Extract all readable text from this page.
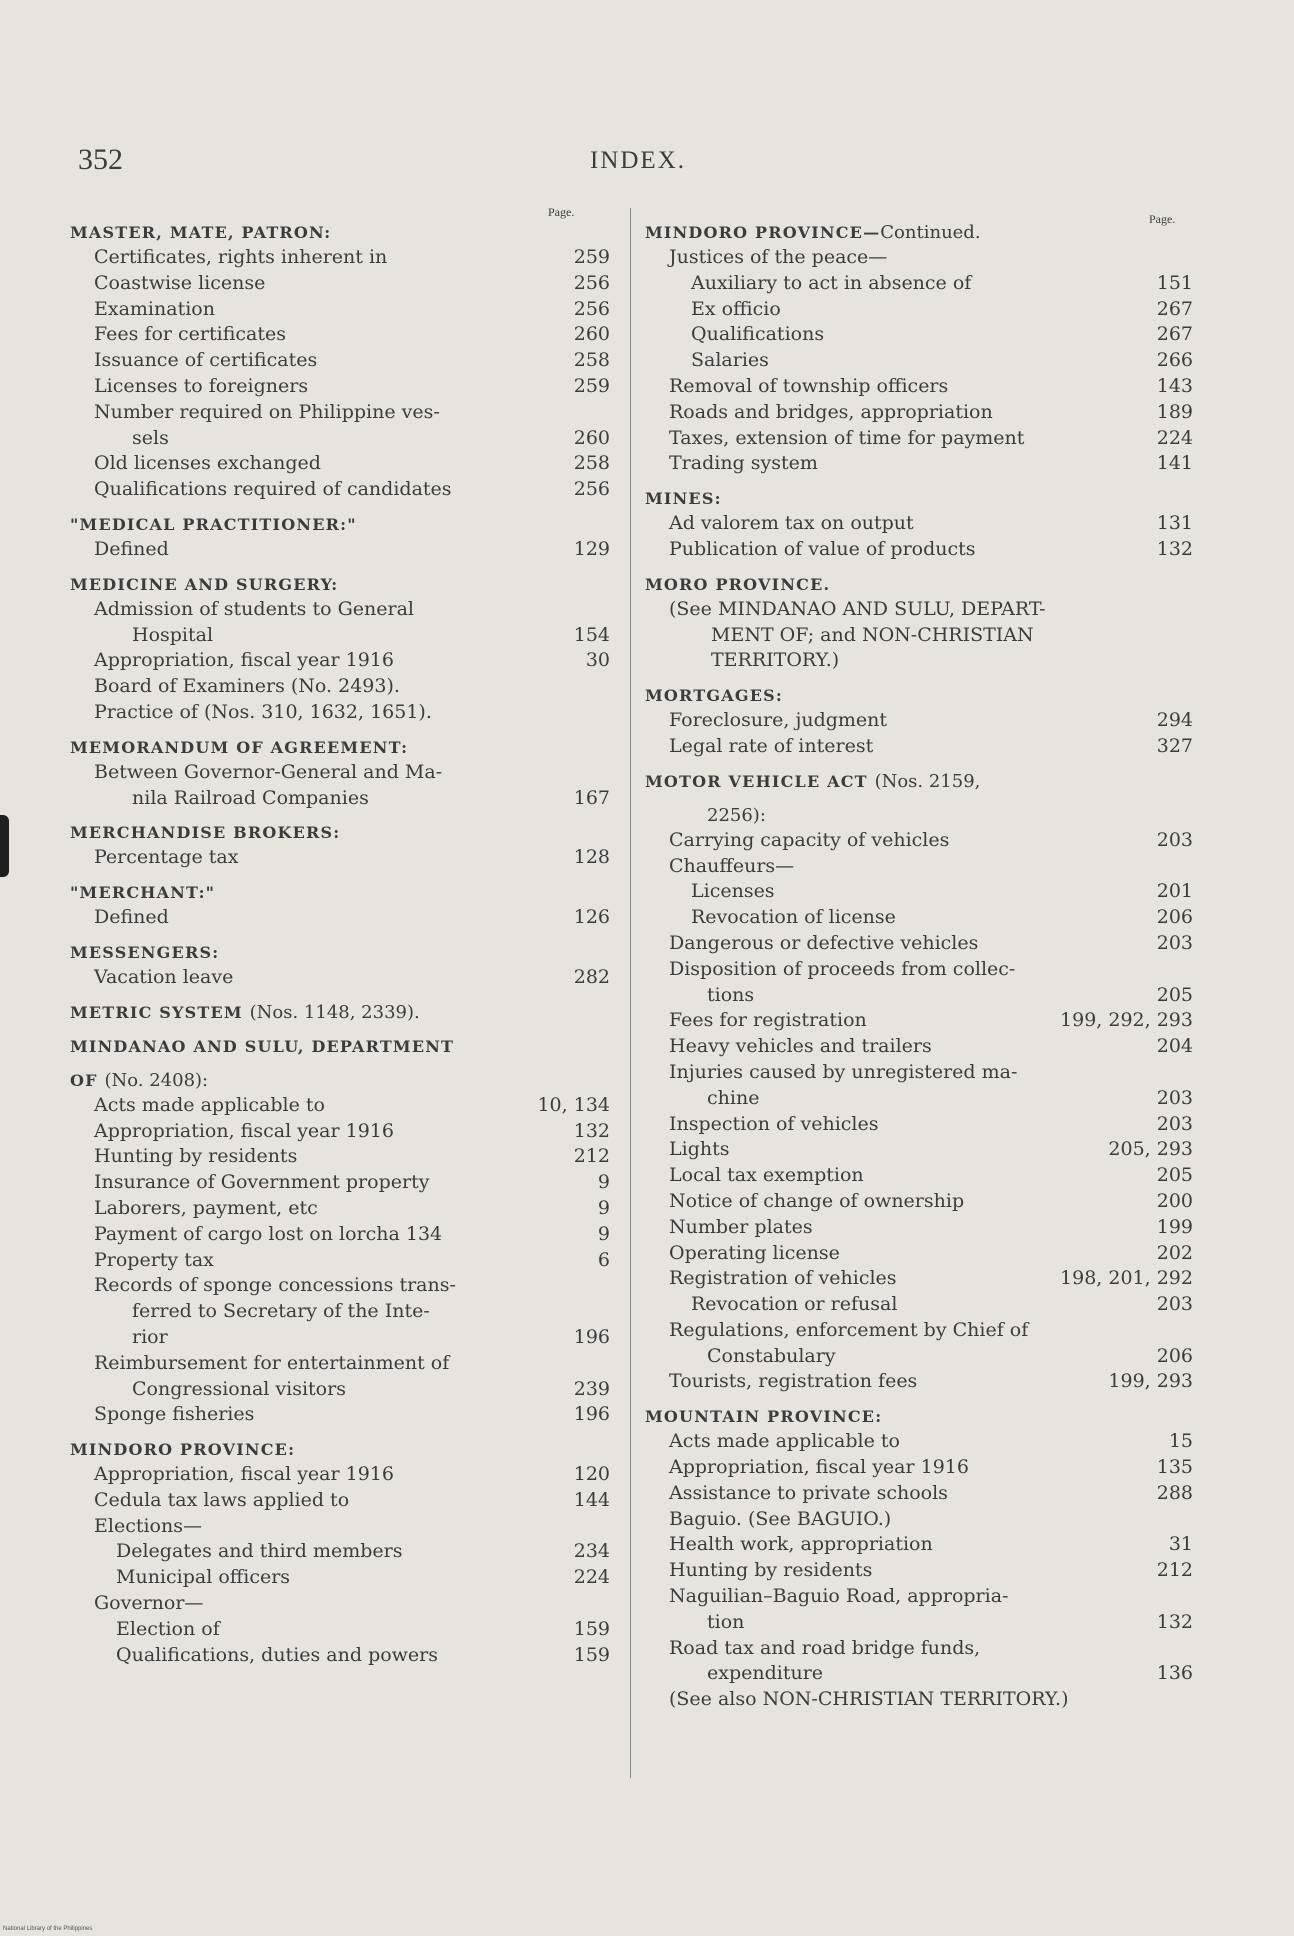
352	INDEX.
Page.
MASTER, MATE, PATRON:
Certificates, rights inherent in	259
Coastwise license	256
Examination	256
Fees for certificates	260
Issuance of certificates	258
Licenses to foreigners	259
Number required on Philippine ves-
sels	260
Old licenses exchanged	258
Qualifications required of candidates	256
"MEDICAL PRACTITIONER:"
Defined	129
MEDICINE AND SURGERY:
Admission of students to General
Hospital	154
Appropriation, fiscal year 1916	30
Board of Examiners (No. 2493).
Practice of (Nos. 310, 1632, 1651).
MEMORANDUM OF AGREEMENT:
Between Governor-General and Ma-
nila Railroad Companies	167
MERCHANDISE BROKERS:
Percentage tax	128
"MERCHANT:"
Defined	126
MESSENGERS:
Vacation leave	282
METRIC SYSTEM (Nos. 1148, 2339).
MINDANAO AND SULU, DEPARTMENT
OF (No. 2408):
Acts made applicable to	10, 134
Appropriation, fiscal year 1916	132
Hunting by residents	212
Insurance of Government property	9
Laborers, payment, etc	9
Payment of cargo lost on lorcha 134	9
Property tax	6
Records of sponge concessions trans-
ferred to Secretary of the Inte-
rior	196
Reimbursement for entertainment of
Congressional visitors	239
Sponge fisheries	196
MINDORO PROVINCE:
Appropriation, fiscal year 1916	120
Cedula tax laws applied to	144
Elections—
Delegates and third members	234
Municipal officers	224
Governor—
Election of	159
Qualifications, duties and powers	159
Page.
MINDORO PROVINCE—Continued.
Justices of the peace—
Auxiliary to act in absence of	151
Ex officio	267
Qualifications	267
Salaries	266
Removal of township officers	143
Roads and bridges, appropriation	189
Taxes, extension of time for payment	224
Trading system	141
MINES:
Ad valorem tax on output	131
Publication of value of products	132
MORO PROVINCE.
(See MINDANAO AND SULU, DEPART-
MENT OF; and NON-CHRISTIAN
TERRITORY.)
MORTGAGES:
Foreclosure, judgment	294
Legal rate of interest	327
MOTOR VEHICLE ACT (Nos. 2159,
2256):
Carrying capacity of vehicles	203
Chauffeurs—
Licenses	201
Revocation of license	206
Dangerous or defective vehicles	203
Disposition of proceeds from collec-
tions	205
Fees for registration	199, 292, 293
Heavy vehicles and trailers	204
Injuries caused by unregistered ma-
chine	203
Inspection of vehicles	203
Lights	205, 293
Local tax exemption	205
Notice of change of ownership	200
Number plates	199
Operating license	202
Registration of vehicles	198, 201, 292
Revocation or refusal	203
Regulations, enforcement by Chief of
Constabulary	206
Tourists, registration fees	199, 293
MOUNTAIN PROVINCE:
Acts made applicable to	15
Appropriation, fiscal year 1916	135
Assistance to private schools	288
Baguio. (See BAGUIO.)
Health work, appropriation	31
Hunting by residents	212
Naguilian–Baguio Road, appropria-
tion	132
Road tax and road bridge funds,
expenditure	136
(See also NON-CHRISTIAN TERRITORY.)
National Library of the Philippines
